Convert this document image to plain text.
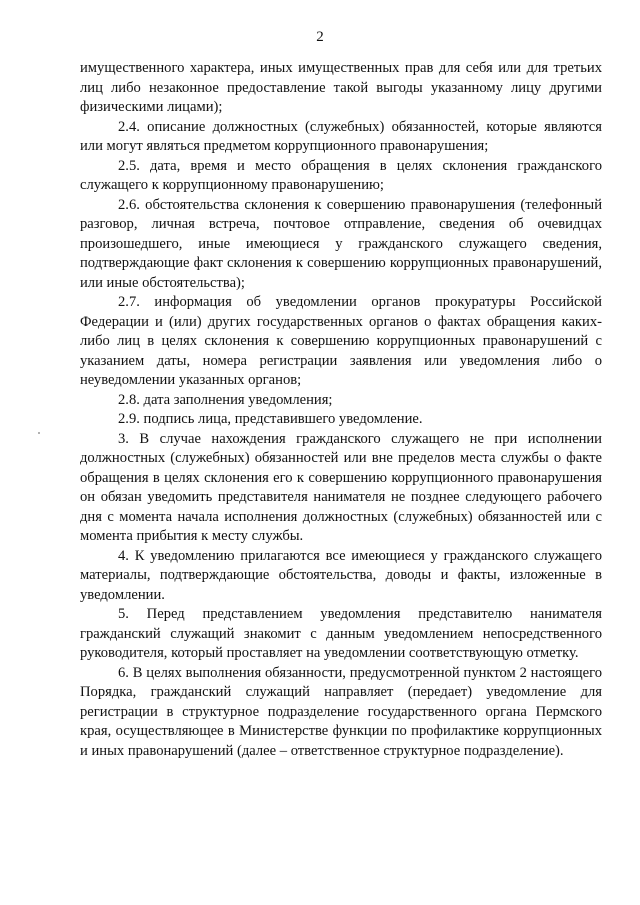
2

имущественного характера, иных имущественных прав для себя или для третьих лиц либо незаконное предоставление такой выгоды указанному лицу другими физическими лицами);

2.4. описание должностных (служебных) обязанностей, которые являются или могут являться предметом коррупционного правонарушения;

2.5. дата, время и место обращения в целях склонения гражданского служащего к коррупционному правонарушению;

2.6. обстоятельства склонения к совершению правонарушения (телефонный разговор, личная встреча, почтовое отправление, сведения об очевидцах произошедшего, иные имеющиеся у гражданского служащего сведения, подтверждающие факт склонения к совершению коррупционных правонарушений, или иные обстоятельства);

2.7. информация об уведомлении органов прокуратуры Российской Федерации и (или) других государственных органов о фактах обращения каких-либо лиц в целях склонения к совершению коррупционных правонарушений с указанием даты, номера регистрации заявления или уведомления либо о неуведомлении указанных органов;

2.8. дата заполнения уведомления;

2.9. подпись лица, представившего уведомление.

3. В случае нахождения гражданского служащего не при исполнении должностных (служебных) обязанностей или вне пределов места службы о факте обращения в целях склонения его к совершению коррупционного правонарушения он обязан уведомить представителя нанимателя не позднее следующего рабочего дня с момента начала исполнения должностных (служебных) обязанностей или с момента прибытия к месту службы.

4. К уведомлению прилагаются все имеющиеся у гражданского служащего материалы, подтверждающие обстоятельства, доводы и факты, изложенные в уведомлении.

5. Перед представлением уведомления представителю нанимателя гражданский служащий знакомит с данным уведомлением непосредственного руководителя, который проставляет на уведомлении соответствующую отметку.

6. В целях выполнения обязанности, предусмотренной пунктом 2 настоящего Порядка, гражданский служащий направляет (передает) уведомление для регистрации в структурное подразделение государственного органа Пермского края, осуществляющее в Министерстве функции по профилактике коррупционных и иных правонарушений (далее – ответственное структурное подразделение).
